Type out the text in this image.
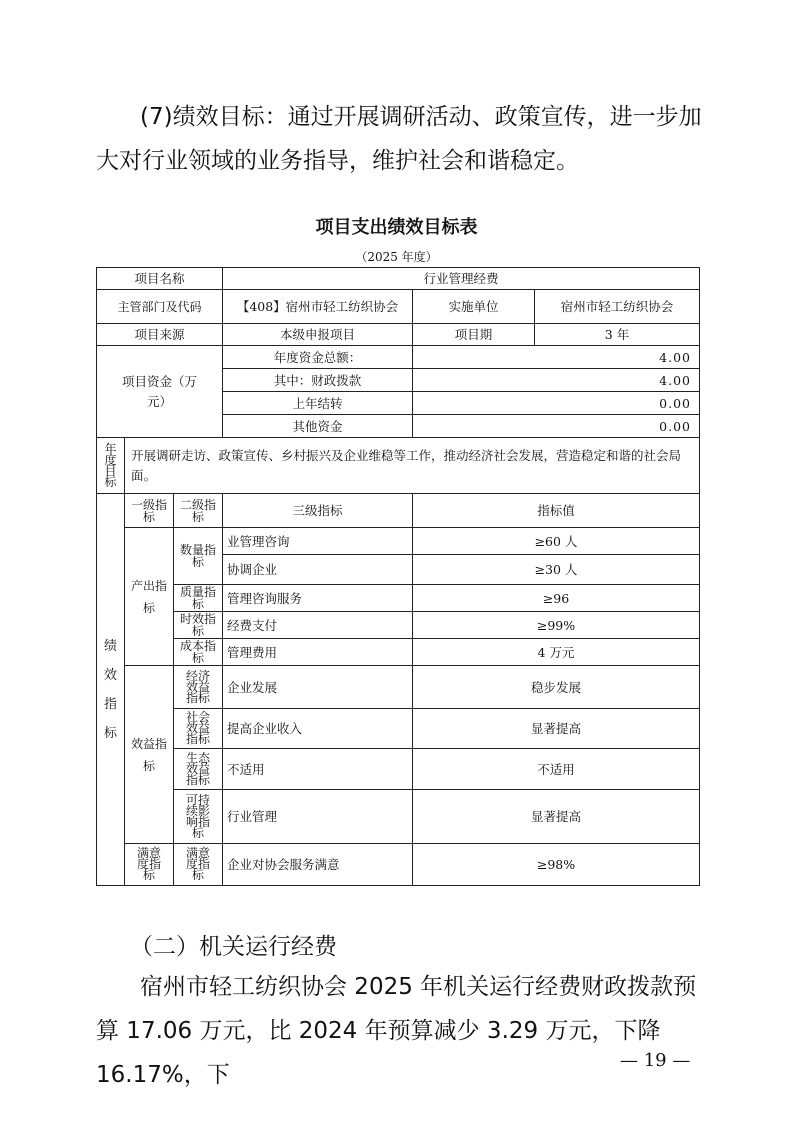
(7)绩效目标：通过开展调研活动、政策宣传，进一步加大对行业领域的业务指导，维护社会和谐稳定。

项目支出绩效目标表
（2025 年度）
项目名称			行业管理经费		
主管部门及代码			【408】宿州市轻工纺织协会	实施单位	宿州市轻工纺织协会
项目来源			本级申报项目	项目期	3 年
项目资金（万元）			年度资金总额：	4.00	
			其中：财政拨款	4.00	
			上年结转	0.00	
			其他资金	0.00	
年度目标	开展调研走访、政策宣传、乡村振兴及企业维稳等工作，推动经济社会发展，营造稳定和谐的社会局面。				
绩效指标	一级指标	二级指标	三级指标	指标值	
	产出指标	数量指标	业管理咨询	≥60 人	
			协调企业	≥30 人	
		质量指标	管理咨询服务	≥96	
		时效指标	经费支付	≥99%	
		成本指标	管理费用	4 万元	
	效益指标	经济效益指标	企业发展	稳步发展	
		社会效益指标	提高企业收入	显著提高	
		生态效益指标	不适用	不适用	
		可持续影响指标	行业管理	显著提高	
	满意度指标	满意度指标	企业对协会服务满意	≥98%	

（二）机关运行经费

宿州市轻工纺织协会 2025 年机关运行经费财政拨款预算 17.06 万元，比 2024 年预算减少 3.29 万元，下降 16.17%，下

— 19 —
